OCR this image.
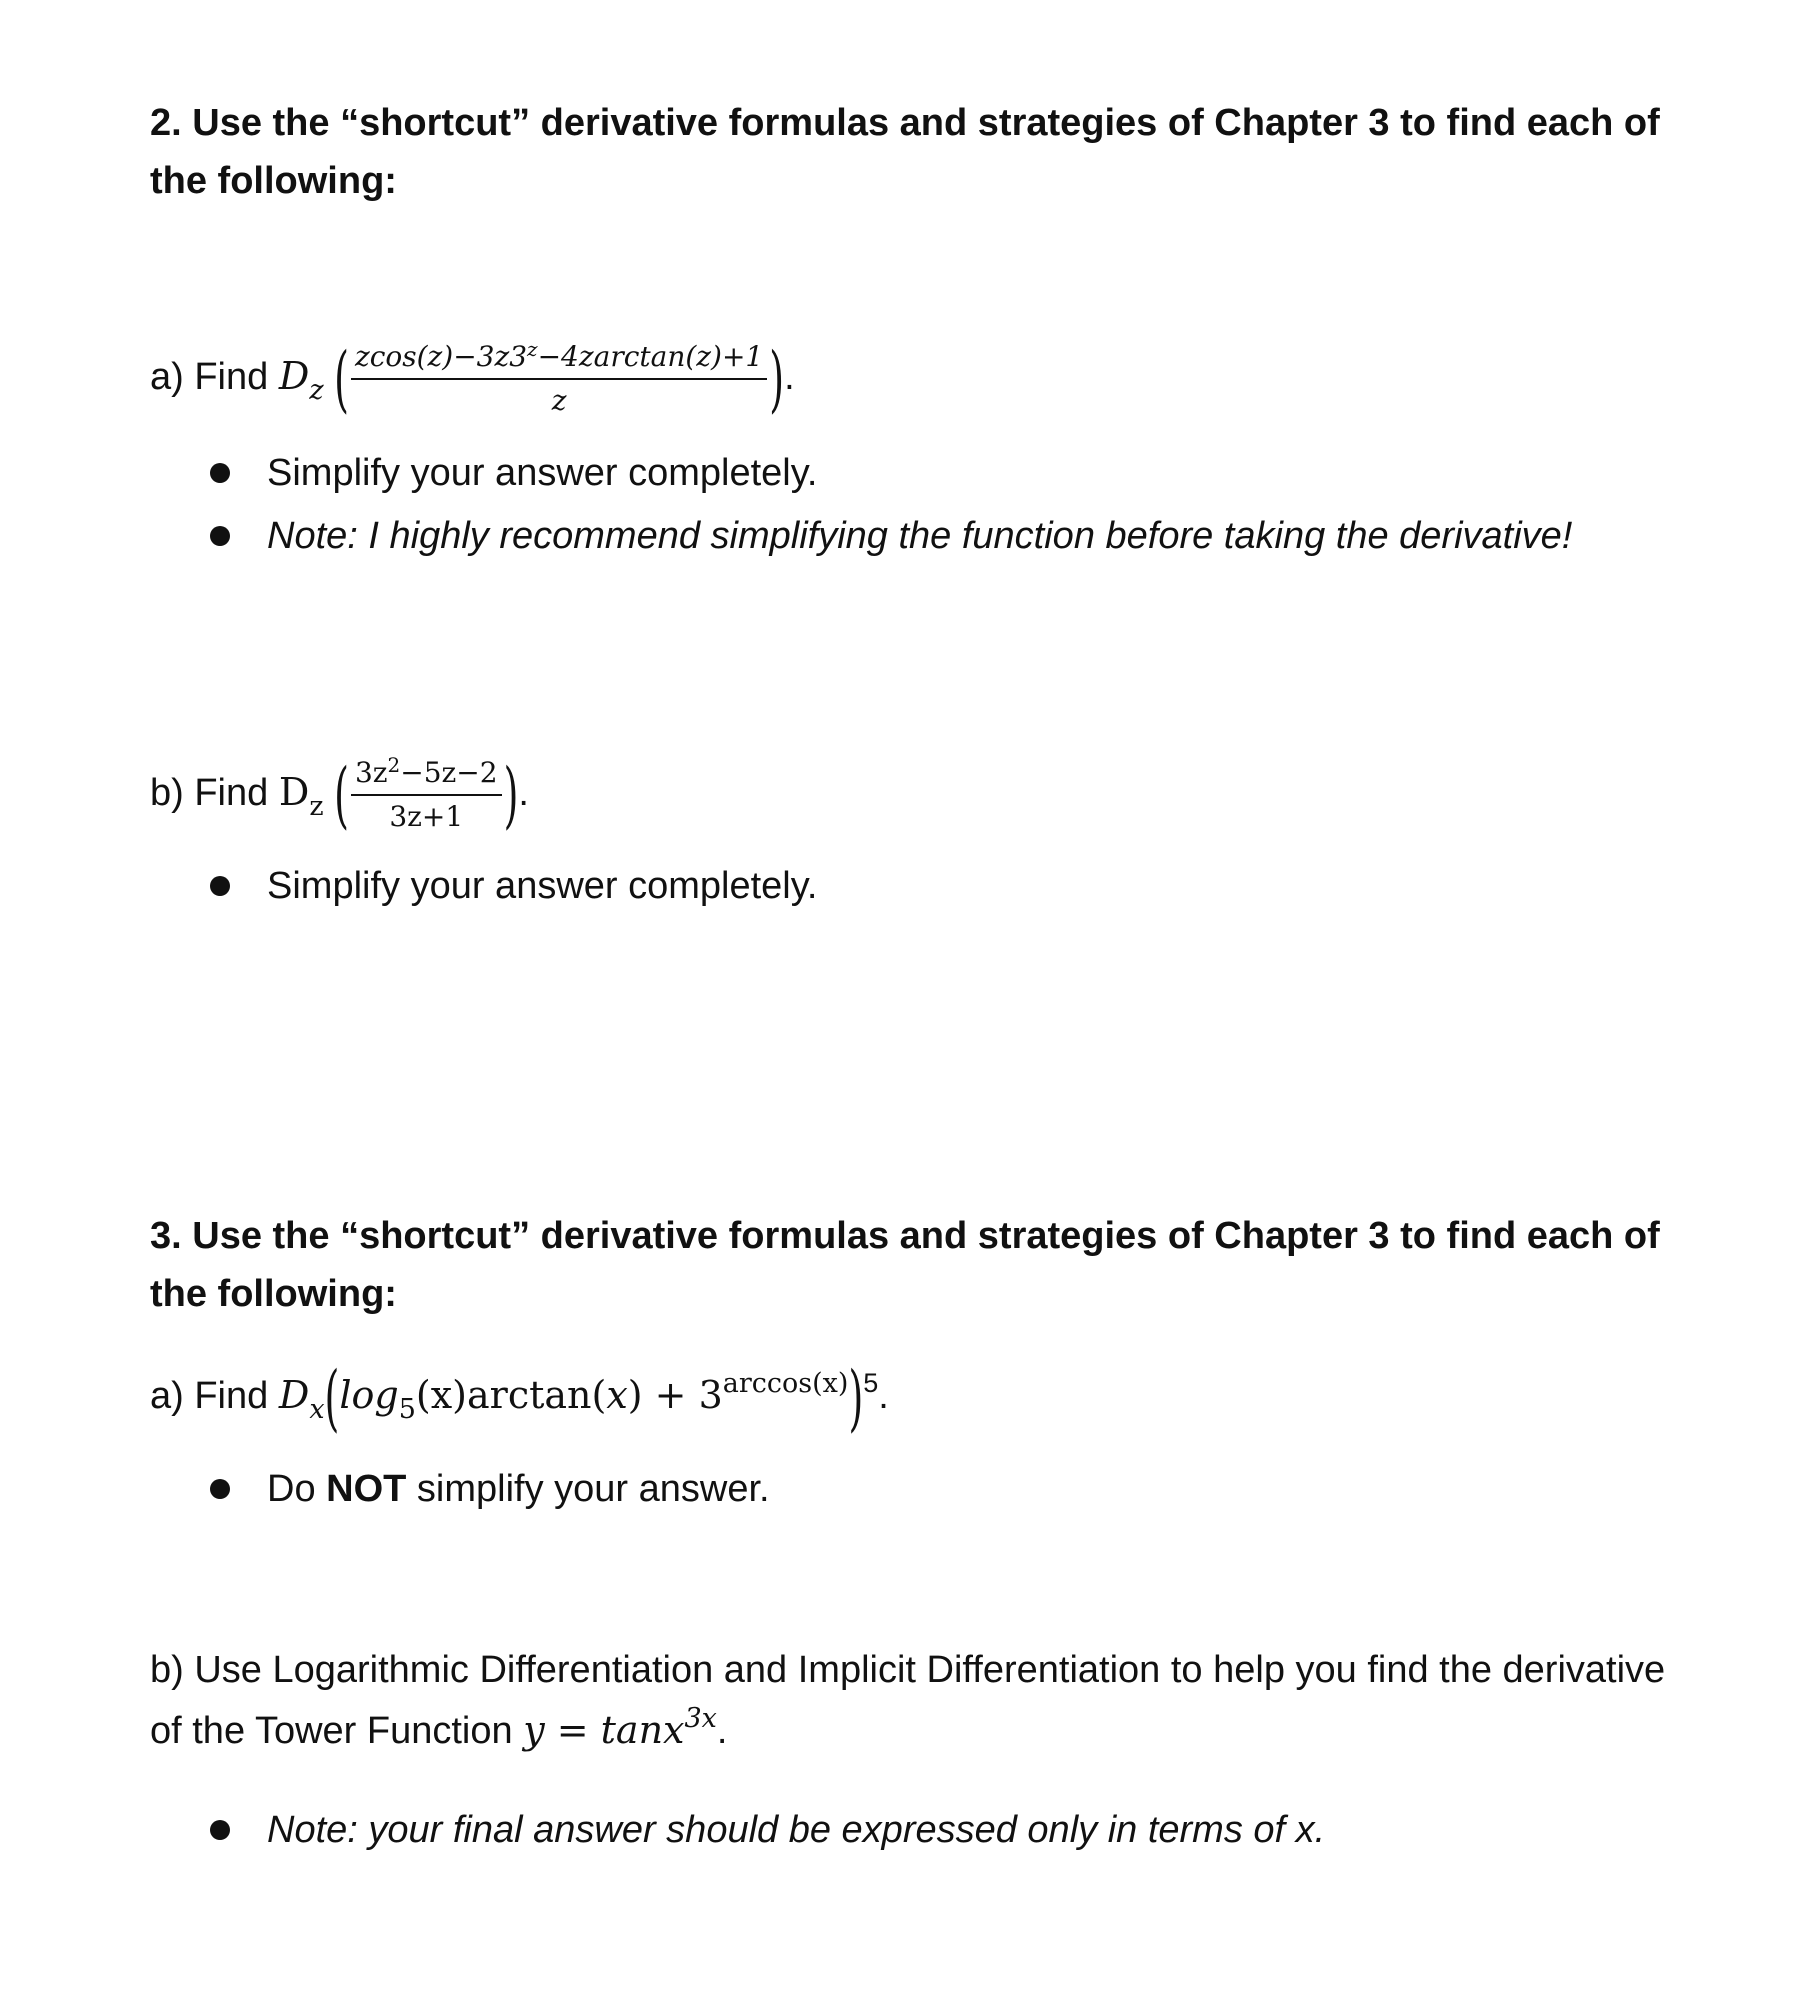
2. Use the “shortcut” derivative formulas and strategies of Chapter 3 to find each of the following:
a) Find $D_z$ ( $\frac{zcos(z)-3z3^z-4zarctan(z)+1}{z}$ ).
Simplify your answer completely.
Note: I highly recommend simplifying the function before taking the derivative!
b) Find $D_z$ ( $\frac{3z^2-5z-2}{3z+1}$ ).
Simplify your answer completely.
3. Use the “shortcut” derivative formulas and strategies of Chapter 3 to find each of the following:
a) Find $D_x(\log_5(x)\arctan(x) + 3^{arccos(x)})^5$.
Do NOT simplify your answer.
b) Use Logarithmic Differentiation and Implicit Differentiation to help you find the derivative of the Tower Function y = tanx$^{3x}$.
Note: your final answer should be expressed only in terms of x.
